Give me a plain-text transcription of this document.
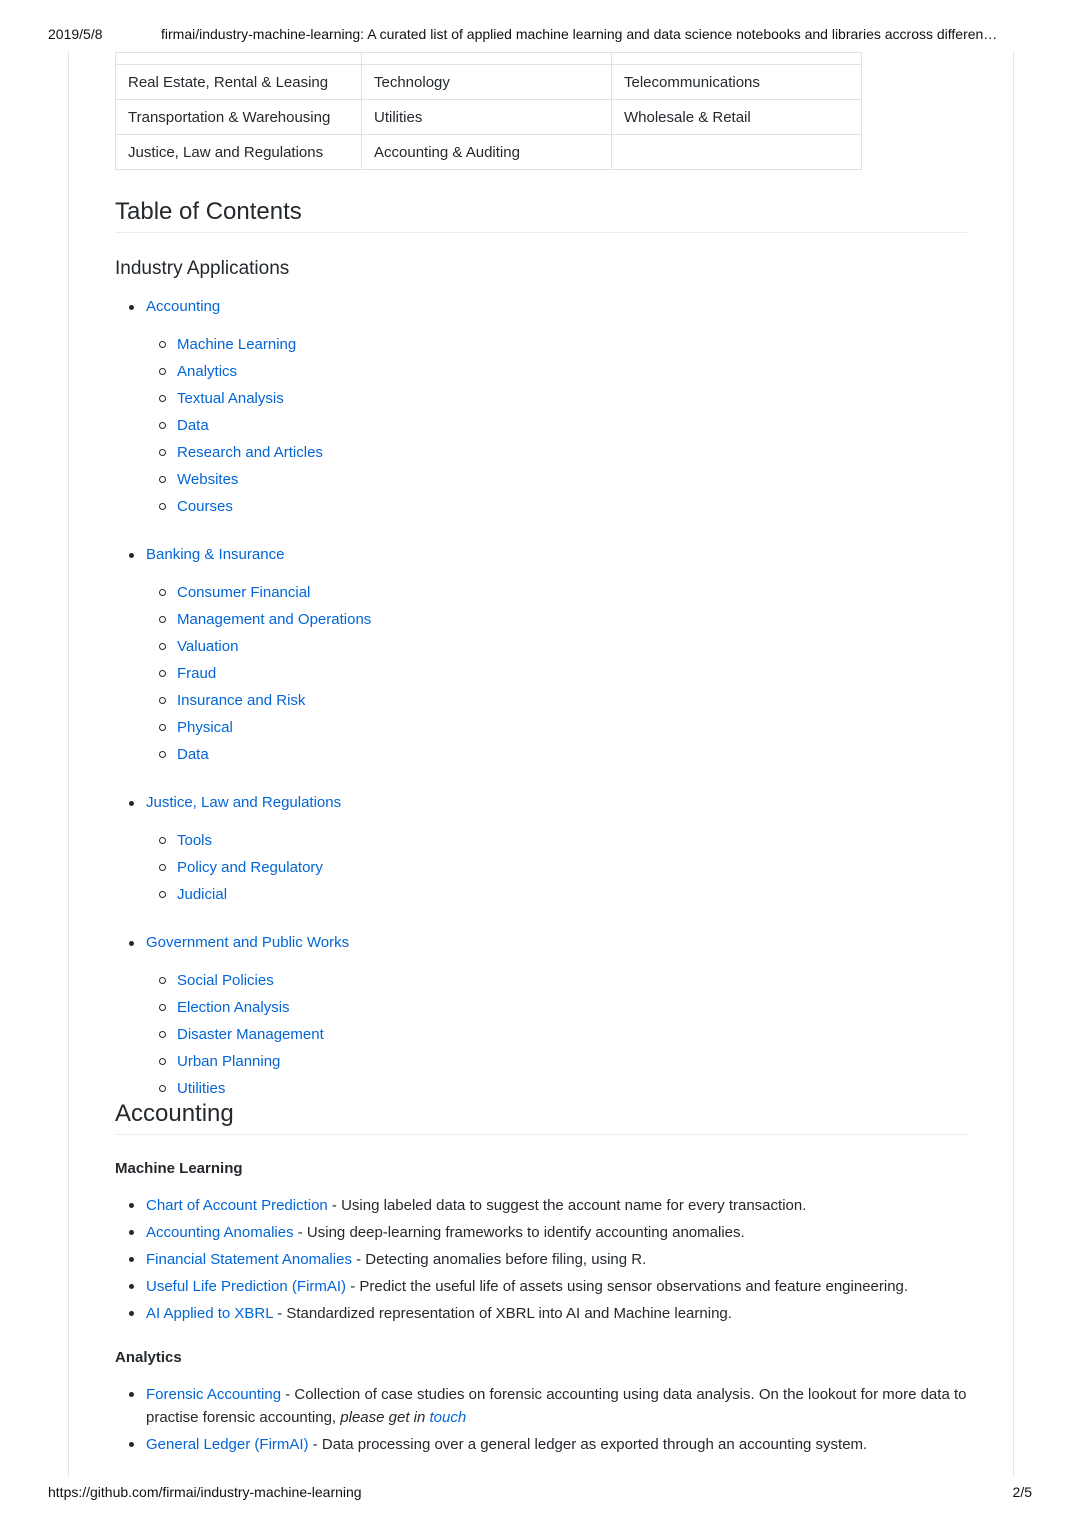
2019/5/8	firmai/industry-machine-learning: A curated list of applied machine learning and data science notebooks and libraries accross differen…

Real Estate, Rental & Leasing	Technology	Telecommunications
Transportation & Warehousing	Utilities	Wholesale & Retail
Justice, Law and Regulations	Accounting & Auditing	
Table of Contents
Industry Applications
Accounting
Machine Learning
Analytics
Textual Analysis
Data
Research and Articles
Websites
Courses
Banking & Insurance
Consumer Financial
Management and Operations
Valuation
Fraud
Insurance and Risk
Physical
Data
Justice, Law and Regulations
Tools
Policy and Regulatory
Judicial
Government and Public Works
Social Policies
Election Analysis
Disaster Management
Urban Planning
Utilities
Accounting
Machine Learning
Chart of Account Prediction - Using labeled data to suggest the account name for every transaction.
Accounting Anomalies - Using deep-learning frameworks to identify accounting anomalies.
Financial Statement Anomalies - Detecting anomalies before filing, using R.
Useful Life Prediction (FirmAI) - Predict the useful life of assets using sensor observations and feature engineering.
AI Applied to XBRL - Standardized representation of XBRL into AI and Machine learning.
Analytics
Forensic Accounting - Collection of case studies on forensic accounting using data analysis. On the lookout for more data to practise forensic accounting, please get in touch
General Ledger (FirmAI) - Data processing over a general ledger as exported through an accounting system.
https://github.com/firmai/industry-machine-learning	2/5
